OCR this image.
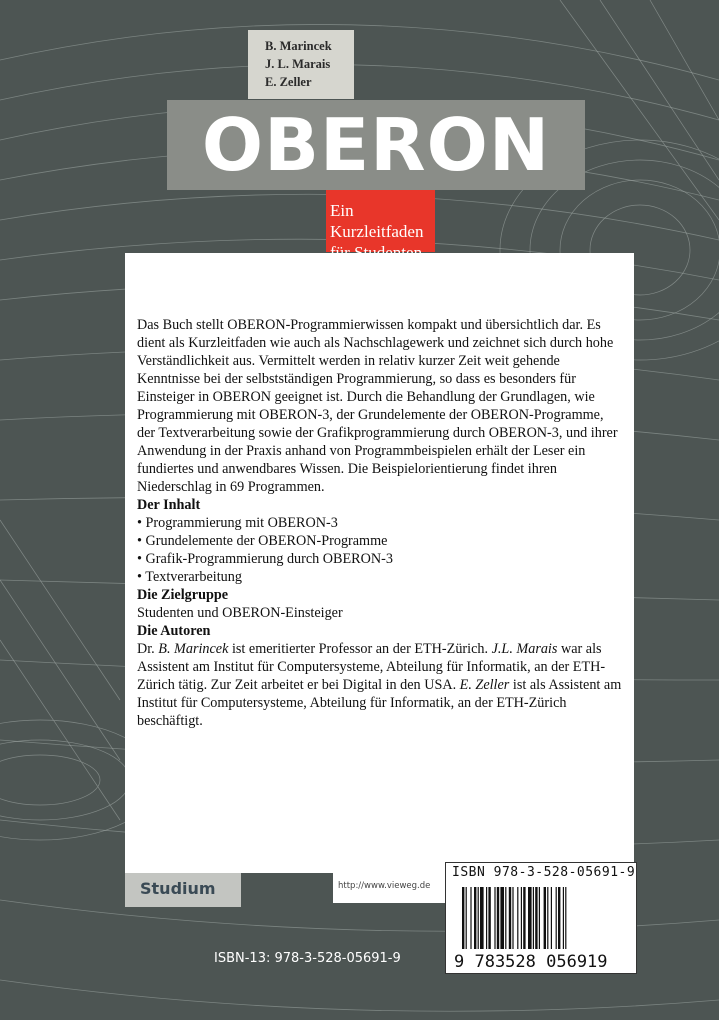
B. Marincek
J. L. Marais
E. Zeller
OBERON
Ein Kurzleitfaden

Das Buch stellt OBERON-Programmierwissen kompakt und übersichtlich dar. Es dient als Kurzleitfaden wie auch als Nachschlagewerk und zeichnet sich durch hohe Verständlichkeit aus. Vermittelt werden in relativ kurzer Zeit weit gehende Kenntnisse bei der selbstständigen Programmierung, so dass es besonders für Einsteiger in OBERON geeignet ist. Durch die Behandlung der Grundlagen, wie Programmierung mit OBERON-3, der Grundelemente der OBERON-Programme, der Textverarbeitung sowie der Grafikprogrammierung durch OBERON-3, und ihrer Anwendung in der Praxis anhand von Programmbeispielen erhält der Leser ein fundiertes und anwendbares Wissen. Die Beispielorientierung findet ihren Niederschlag in 69 Programmen.

Der Inhalt

• Programmierung mit OBERON-3

• Grundelemente der OBERON-Programme

• Grafik-Programmierung durch OBERON-3

• Textverarbeitung

Die Zielgruppe

Studenten und OBERON-Einsteiger

Die Autoren

Dr. B. Marincek ist emeritierter Professor an der ETH-Zürich. J.L. Marais war als Assistent am Institut für Computersysteme, Abteilung für Informatik, an der ETH-Zürich tätig. Zur Zeit arbeitet er bei Digital in den USA. E. Zeller ist als Assistent am Institut für Computersysteme, Abteilung für Informatik, an der ETH-Zürich beschäftigt.

Studium	http://www.vieweg.de
ISBN 978-3-528-05691-9
9 783528 056919
ISBN-13: 978-3-528-05691-9
